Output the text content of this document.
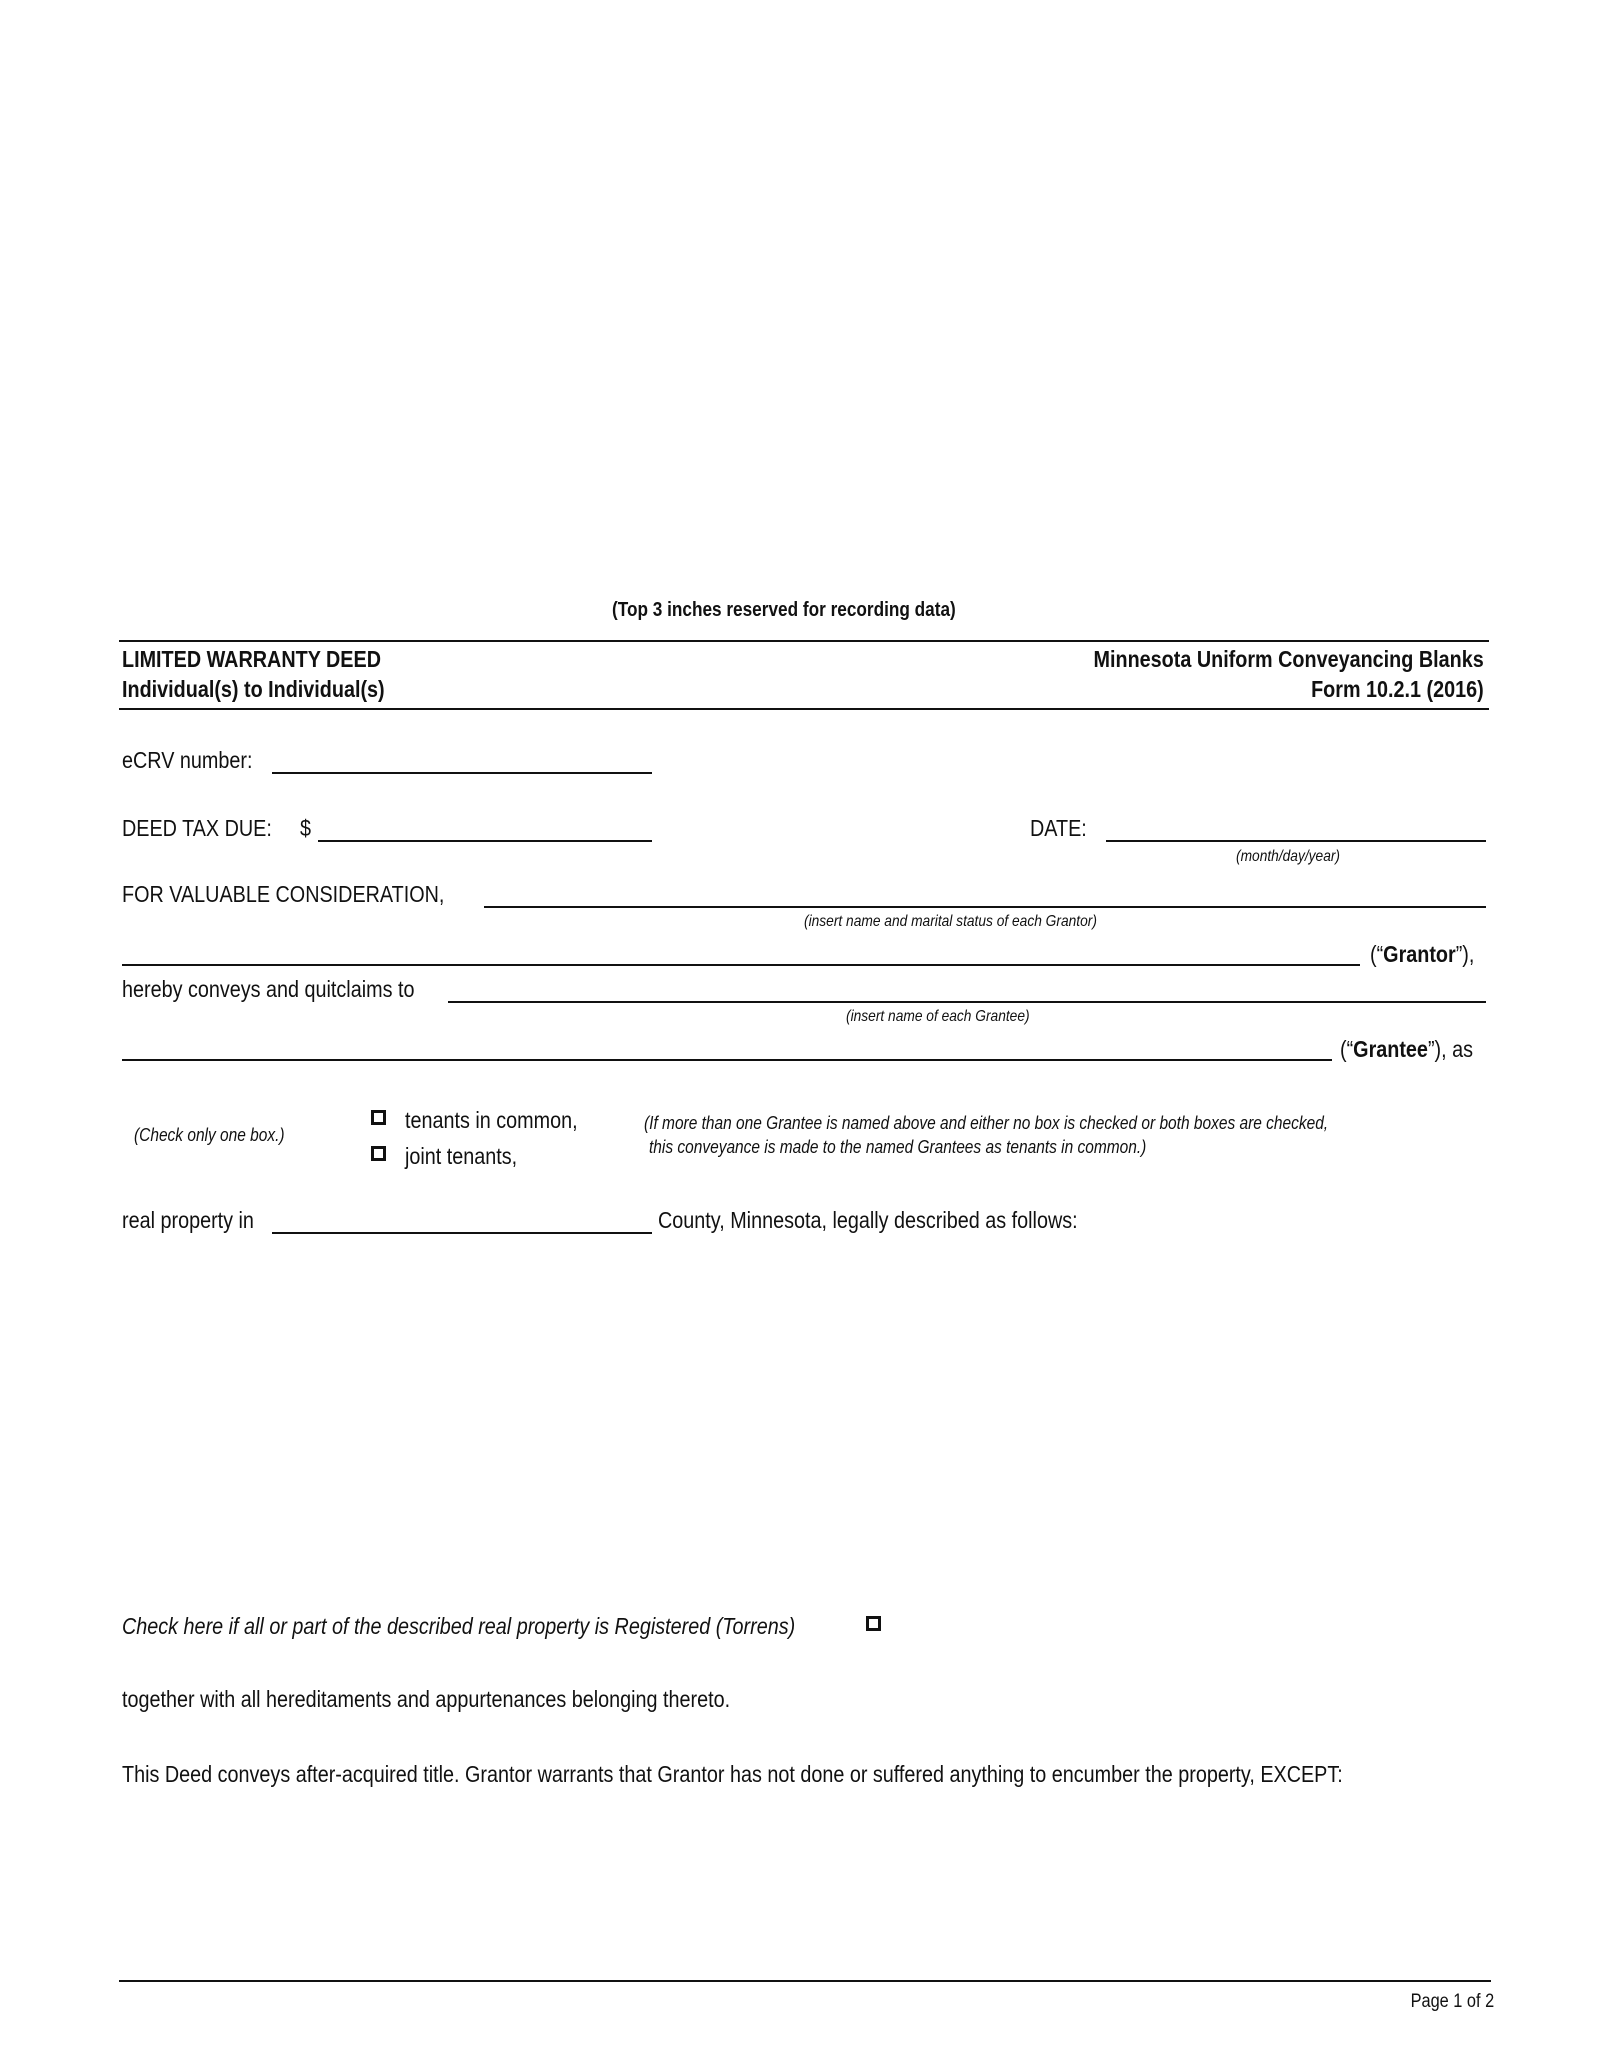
(Top 3 inches reserved for recording data)
LIMITED WARRANTY DEED
Individual(s) to Individual(s)
Minnesota Uniform Conveyancing Blanks
Form 10.2.1 (2016)
eCRV number:
DEED TAX DUE: $	DATE:
(month/day/year)
FOR VALUABLE CONSIDERATION,
(insert name and marital status of each Grantor)
(“Grantor”),
hereby conveys and quitclaims to
(insert name of each Grantee)
(“Grantee”), as
(Check only one box.)
tenants in common,
joint tenants,
(If more than one Grantee is named above and either no box is checked or both boxes are checked,
this conveyance is made to the named Grantees as tenants in common.)
real property in	County, Minnesota, legally described as follows:
Check here if all or part of the described real property is Registered (Torrens)
together with all hereditaments and appurtenances belonging thereto.
This Deed conveys after-acquired title. Grantor warrants that Grantor has not done or suffered anything to encumber the property, EXCEPT:
Page 1 of 2
